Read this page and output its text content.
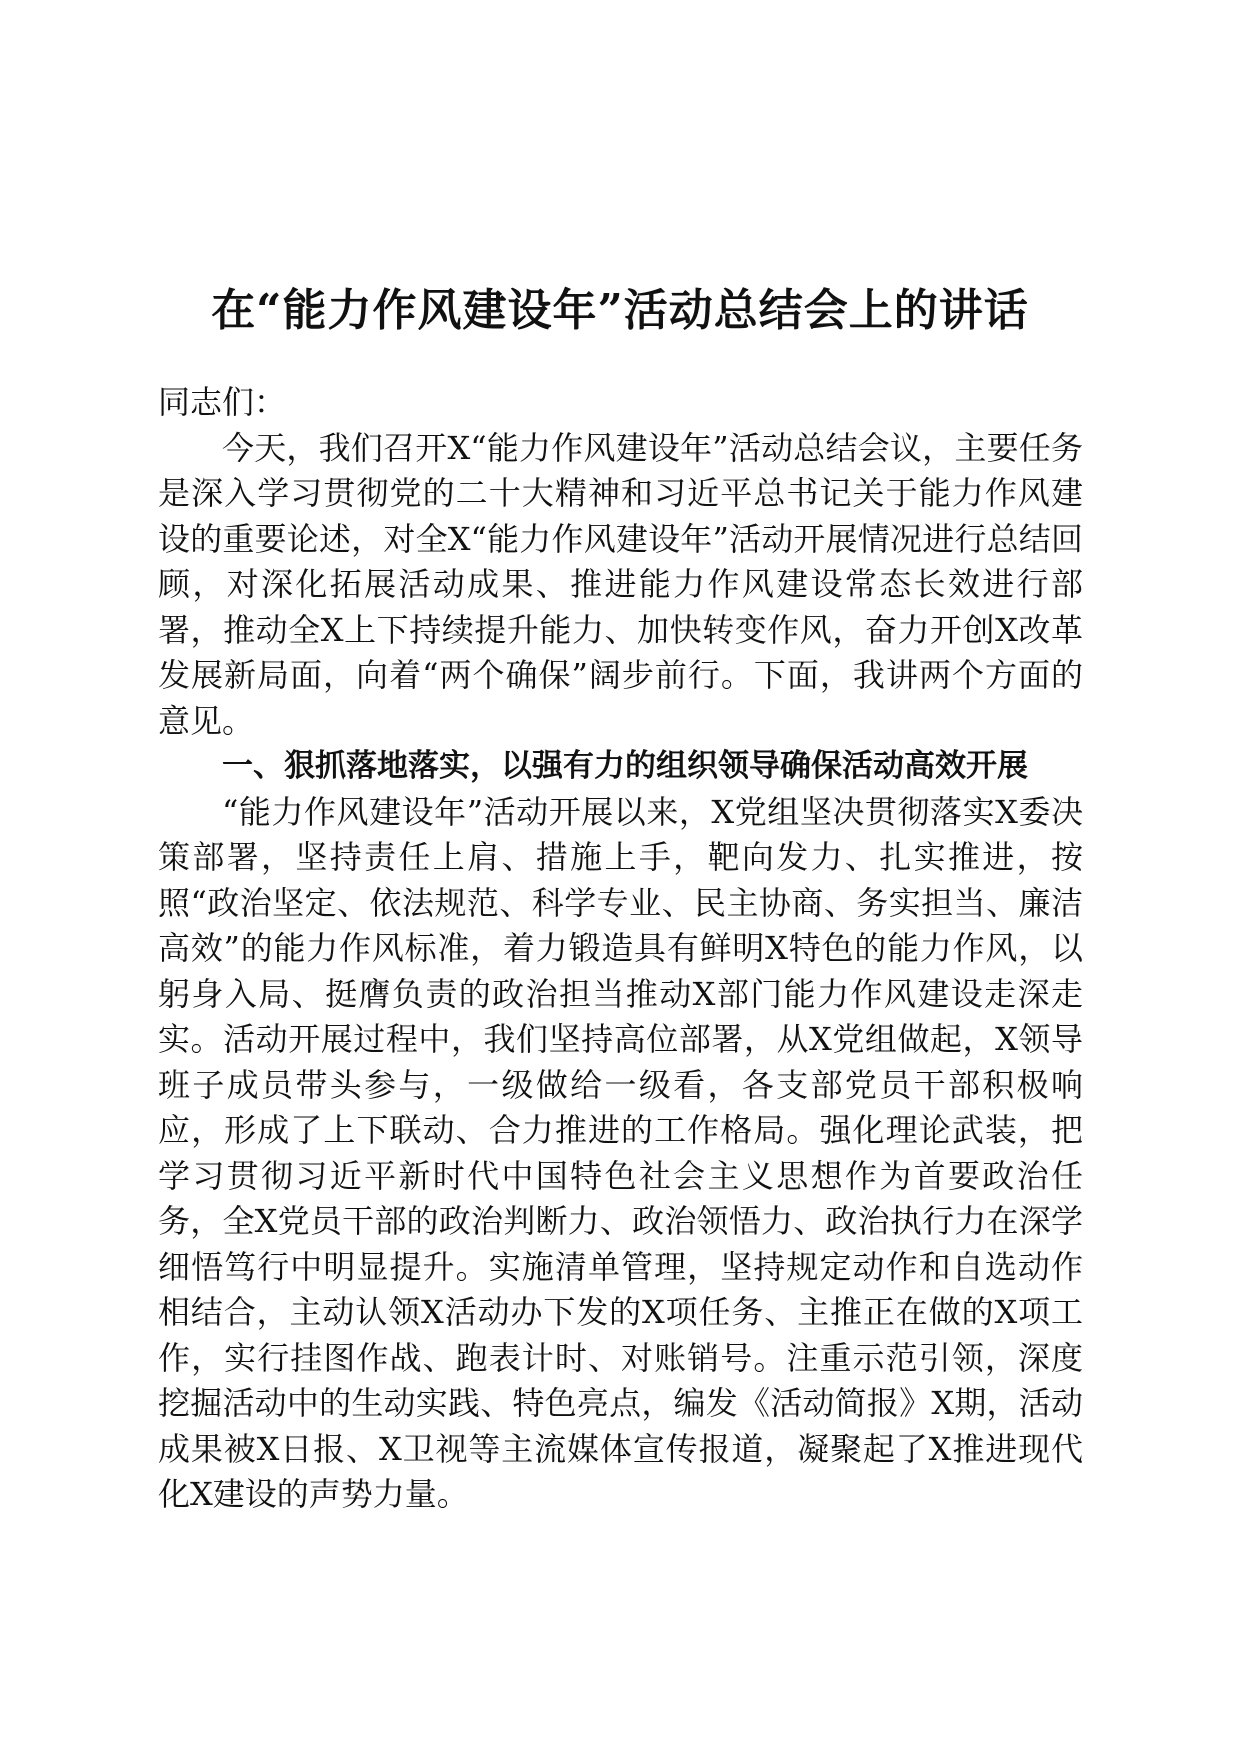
在“能力作风建设年”活动总结会上的讲话

同志们：

今天，我们召开X“能力作风建设年”活动总结会议，主要任务是深入学习贯彻党的二十大精神和习近平总书记关于能力作风建设的重要论述，对全X“能力作风建设年”活动开展情况进行总结回顾，对深化拓展活动成果、推进能力作风建设常态长效进行部署，推动全X上下持续提升能力、加快转变作风，奋力开创X改革发展新局面，向着“两个确保”阔步前行。下面，我讲两个方面的意见。

一、狠抓落地落实，以强有力的组织领导确保活动高效开展

“能力作风建设年”活动开展以来，X党组坚决贯彻落实X委决策部署，坚持责任上肩、措施上手，靶向发力、扎实推进，按照“政治坚定、依法规范、科学专业、民主协商、务实担当、廉洁高效”的能力作风标准，着力锻造具有鲜明X特色的能力作风，以躬身入局、挺膺负责的政治担当推动X部门能力作风建设走深走实。活动开展过程中，我们坚持高位部署，从X党组做起，X领导班子成员带头参与，一级做给一级看，各支部党员干部积极响应，形成了上下联动、合力推进的工作格局。强化理论武装，把学习贯彻习近平新时代中国特色社会主义思想作为首要政治任务，全X党员干部的政治判断力、政治领悟力、政治执行力在深学细悟笃行中明显提升。实施清单管理，坚持规定动作和自选动作相结合，主动认领X活动办下发的X项任务、主推正在做的X项工作，实行挂图作战、跑表计时、对账销号。注重示范引领，深度挖掘活动中的生动实践、特色亮点，编发《活动简报》X期，活动成果被X日报、X卫视等主流媒体宣传报道，凝聚起了X推进现代化X建设的声势力量。
